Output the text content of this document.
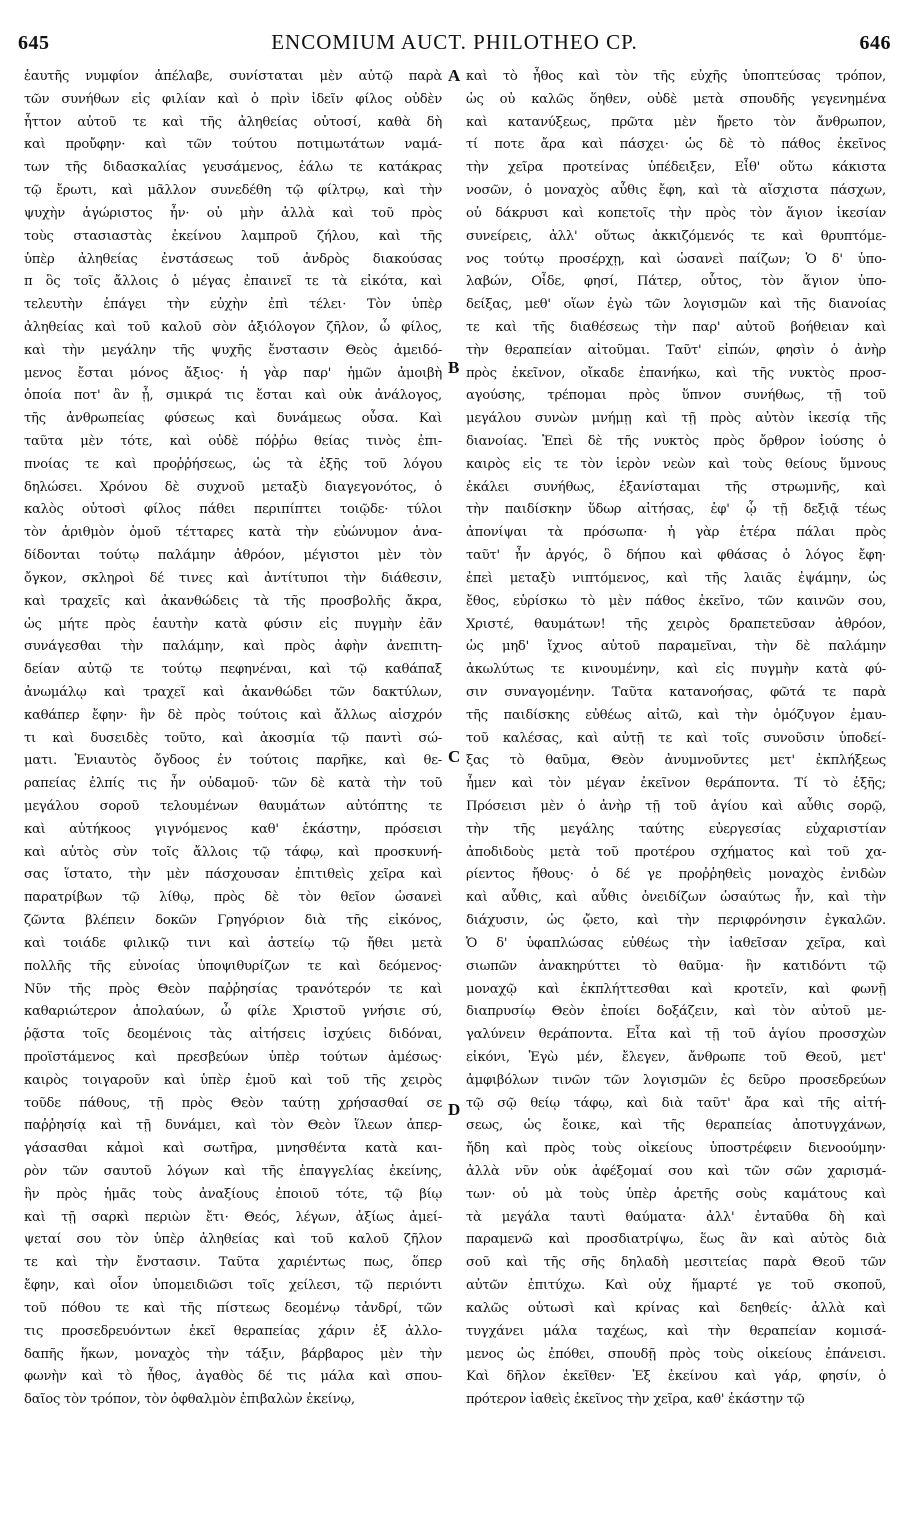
645	ENCOMIUM AUCT. PHILOTHEO CP.	646
ἑαυτῆς νυμφίον ἀπέλαβε, συνίσταται μὲν αὐτῷ παρὰ
τῶν συνήθων εἰς φιλίαν καὶ ὁ πρὶν ἰδεῖν φίλος οὐδὲν
ἧττον αὐτοῦ τε καὶ τῆς ἀληθείας οὑτοσί, καθὰ δὴ
καὶ προὔφην· καὶ τῶν τούτου ποτιμωτάτων ναμά-
των τῆς διδασκαλίας γευσάμενος, ἑάλω τε κατάκρας
τῷ ἔρωτι, καὶ μᾶλλον συνεδέθη τῷ φίλτρῳ, καὶ τὴν
ψυχὴν ἀγώριστος ἦν· οὐ μὴν ἀλλὰ καὶ τοῦ πρὸς
τοὺς στασιαστὰς ἐκείνου λαμπροῦ ζήλου, καὶ τῆς
ὑπὲρ ἀληθείας ἐνστάσεως τοῦ ἀνδρὸς διακούσας
π ὃς τοῖς ἄλλοις ὁ μέγας ἐπαινεῖ τε τὰ εἰκότα, καὶ
τελευτὴν ἐπάγει τὴν εὐχὴν ἐπὶ τέλει· Τὸν ὑπὲρ
ἀληθείας καὶ τοῦ καλοῦ σὸν ἀξιόλογον ζῆλον, ὦ φίλος,
καὶ τὴν μεγάλην τῆς ψυχῆς ἔνστασιν Θεὸς ἀμειδό-
μενος ἔσται μόνος ἄξιος· ἡ γὰρ παρ' ἡμῶν ἀμοιβὴ
ὁποία ποτ' ἂν ᾖ, σμικρά τις ἔσται καὶ οὐκ ἀνάλογος,
τῆς ἀνθρωπείας φύσεως καὶ δυνάμεως οὖσα. Καὶ
ταῦτα μὲν τότε, καὶ οὐδὲ πόῤῥω θείας τινὸς ἐπι-
πνοίας τε καὶ προῤῥήσεως, ὡς τὰ ἑξῆς τοῦ λόγου
δηλώσει. Χρόνου δὲ συχνοῦ μεταξὺ διαγεγονότος, ὁ
καλὸς οὑτοσὶ φίλος πάθει περιπίπτει τοιῷδε· τύλοι
τὸν ἀριθμὸν ὁμοῦ τέτταρες κατὰ τὴν εὐώνυμον ἀνα-
δίδονται τούτῳ παλάμην ἀθρόον, μέγιστοι μὲν τὸν
ὄγκον, σκληροὶ δέ τινες καὶ ἀντίτυποι τὴν διάθεσιν,
καὶ τραχεῖς καὶ ἀκανθώδεις τὰ τῆς προσβολῆς ἄκρα,
ὡς μήτε πρὸς ἑαυτὴν κατὰ φύσιν εἰς πυγμὴν ἐᾶν
συνάγεσθαι τὴν παλάμην, καὶ πρὸς ἀφὴν ἀνεπιτη-
δείαν αὐτῷ τε τούτῳ πεφηνέναι, καὶ τῷ καθάπαξ
ἀνωμάλῳ καὶ τραχεῖ καὶ ἀκανθώδει τῶν δακτύλων,
καθάπερ ἔφην· ἣν δὲ πρὸς τούτοις καὶ ἄλλως αἰσχρόν
τι καὶ δυσειδὲς τοῦτο, καὶ ἀκοσμία τῷ παντὶ σώ-
ματι. Ἐνιαυτὸς ὄγδοος ἐν τούτοις παρῆκε, καὶ θε-
ραπείας ἐλπίς τις ἦν οὐδαμοῦ· τῶν δὲ κατὰ τὴν τοῦ
μεγάλου σοροῦ τελουμένων θαυμάτων αὐτόπτης τε
καὶ αὐτήκοος γιγνόμενος καθ' ἑκάστην, πρόσεισι
καὶ αὐτὸς σὺν τοῖς ἄλλοις τῷ τάφῳ, καὶ προσκυνή-
σας ἵστατο, τὴν μὲν πάσχουσαν ἐπιτιθεὶς χεῖρα καὶ
παρατρίβων τῷ λίθῳ, πρὸς δὲ τὸν θεῖον ὡσανεὶ
ζῶντα βλέπειν δοκῶν Γρηγόριον διὰ τῆς εἰκόνος,
καὶ τοιάδε φιλικῷ τινι καὶ ἀστείῳ τῷ ἤθει μετὰ
πολλῆς τῆς εὐνοίας ὑποψιθυρίζων τε καὶ δεόμενος·
Νῦν τῆς πρὸς Θεὸν παῤῥησίας τρανότερόν τε καὶ
καθαριώτερον ἀπολαύων, ὦ φίλε Χριστοῦ γνήσιε σύ,
ῥᾷστα τοῖς δεομένοις τὰς αἰτήσεις ἰσχύεις διδόναι,
προϊστάμενος καὶ πρεσβεύων ὑπὲρ τούτων ἀμέσως·
καιρὸς τοιγαροῦν καὶ ὑπὲρ ἐμοῦ καὶ τοῦ τῆς χειρὸς
τοῦδε πάθους, τῇ πρὸς Θεὸν ταύτῃ χρήσασθαί σε
παῤῥησίᾳ καὶ τῇ δυνάμει, καὶ τὸν Θεὸν ἵλεων ἀπερ-
γάσασθαι κἀμοὶ καὶ σωτῆρα, μνησθέντα κατὰ και-
ρὸν τῶν σαυτοῦ λόγων καὶ τῆς ἐπαγγελίας ἐκείνης,
ἣν πρὸς ἡμᾶς τοὺς ἀναξίους ἐποιοῦ τότε, τῷ βίῳ
καὶ τῇ σαρκὶ περιὼν ἔτι· Θεός, λέγων, ἀξίως ἀμεί-
ψεταί σου τὸν ὑπὲρ ἀληθείας καὶ τοῦ καλοῦ ζῆλον
τε καὶ τὴν ἔνστασιν. Ταῦτα χαριέντως πως, ὅπερ
ἔφην, καὶ οἷον ὑπομειδιῶσι τοῖς χείλεσι, τῷ περιόντι
τοῦ πόθου τε καὶ τῆς πίστεως δεομένῳ τἀνδρί, τῶν
τις προσεδρευόντων ἐκεῖ θεραπείας χάριν ἐξ ἀλλο-
δαπῆς ἥκων, μοναχὸς τὴν τάξιν, βάρβαρος μὲν τὴν
φωνὴν καὶ τὸ ἦθος, ἀγαθὸς δέ τις μάλα καὶ σπου-
δαῖος τὸν τρόπον, τὸν ὀφθαλμὸν ἐπιβαλὼν ἐκείνῳ,
καὶ τὸ ἦθος καὶ τὸν τῆς εὐχῆς ὑποπτεύσας τρόπον,
ὡς οὐ καλῶς ὅηθεν, οὐδὲ μετὰ σπουδῆς γεγενημένα
καὶ κατανύξεως, πρῶτα μὲν ἤρετο τὸν ἄνθρωπον,
τί ποτε ἄρα καὶ πάσχει· ὡς δὲ τὸ πάθος ἐκεῖνος
τὴν χεῖρα προτείνας ὑπέδειξεν, Εἶθ' οὕτω κάκιστα
νοσῶν, ὁ μοναχὸς αὖθις ἔφη, καὶ τὰ αἴσχιστα πάσχων,
οὐ δάκρυσι καὶ κοπετοῖς τὴν πρὸς τὸν ἅγιον ἱκεσίαν
συνείρεις, ἀλλ' οὕτως ἀκκιζόμενός τε καὶ θρυπτόμε-
νος τούτῳ προσέρχῃ, καὶ ὡσανεὶ παίζων; Ὁ δ' ὑπο-
λαβών, Οἶδε, φησί, Πάτερ, οὗτος, τὸν ἅγιον ὑπο-
δείξας, μεθ' οἵων ἐγὼ τῶν λογισμῶν καὶ τῆς διανοίας
τε καὶ τῆς διαθέσεως τὴν παρ' αὐτοῦ βοήθειαν καὶ
τὴν θεραπείαν αἰτοῦμαι. Ταῦτ' εἰπών, φησὶν ὁ ἀνὴρ
πρὸς ἐκεῖνον, οἴκαδε ἐπανήκω, καὶ τῆς νυκτὸς προσ-
αγούσης, τρέπομαι πρὸς ὕπνον συνήθως, τῇ τοῦ
μεγάλου συνὼν μνήμῃ καὶ τῇ πρὸς αὐτὸν ἱκεσίᾳ τῆς
διανοίας. Ἐπεὶ δὲ τῆς νυκτὸς πρὸς ὄρθρον ἰούσης ὁ
καιρὸς εἰς τε τὸν ἱερὸν νεὼν καὶ τοὺς θείους ὕμνους
ἐκάλει συνήθως, ἐξανίσταμαι τῆς στρωμνῆς, καὶ
τὴν παιδίσκην ὕδωρ αἰτήσας, ἐφ' ᾧ τῇ δεξιᾷ τέως
ἀπονίψαι τὰ πρόσωπα· ἡ γὰρ ἑτέρα πάλαι πρὸς
ταῦτ' ἦν ἀργός, ὃ δήπου καὶ φθάσας ὁ λόγος ἔφη·
ἐπεὶ μεταξὺ νιπτόμενος, καὶ τῆς λαιᾶς ἐψάμην, ὡς
ἔθος, εὑρίσκω τὸ μὲν πάθος ἐκεῖνο, τῶν καινῶν σου,
Χριστέ, θαυμάτων! τῆς χειρὸς δραπετεῦσαν ἀθρόον,
ὡς μηδ' ἴχνος αὐτοῦ παραμεῖναι, τὴν δὲ παλάμην
ἀκωλύτως τε κινουμένην, καὶ εἰς πυγμὴν κατὰ φύ-
σιν συναγομένην. Ταῦτα κατανοήσας, φῶτά τε παρὰ
τῆς παιδίσκης εὐθέως αἰτῶ, καὶ τὴν ὁμόζυγον ἐμαυ-
τοῦ καλέσας, καὶ αὐτῇ τε καὶ τοῖς συνοῦσιν ὑποδεί-
ξας τὸ θαῦμα, Θεὸν ἀνυμνοῦντες μετ' ἐκπλήξεως
ἦμεν καὶ τὸν μέγαν ἐκεῖνον θεράποντα. Τί τὸ ἑξῆς;
Πρόσεισι μὲν ὁ ἀνὴρ τῇ τοῦ ἁγίου καὶ αὖθις σορῷ,
τὴν τῆς μεγάλης ταύτης εὐεργεσίας εὐχαριστίαν
ἀποδιδοὺς μετὰ τοῦ προτέρου σχήματος καὶ τοῦ χα-
ρίεντος ἤθους· ὁ δέ γε προῤῥηθεὶς μοναχὸς ἐνιδὼν
καὶ αὖθις, καὶ αὖθις ὀνειδίζων ὡσαύτως ἦν, καὶ τὴν
διάχυσιν, ὡς ᾤετο, καὶ τὴν περιφρόνησιν ἐγκαλῶν.
Ὁ δ' ὑφαπλώσας εὐθέως τὴν ἰαθεῖσαν χεῖρα, καὶ
σιωπῶν ἀνακηρύττει τὸ θαῦμα· ἣν κατιδόντι τῷ
μοναχῷ καὶ ἐκπλήττεσθαι καὶ κροτεῖν, καὶ φωνῇ
διαπρυσίῳ Θεὸν ἐποίει δοξάζειν, καὶ τὸν αὐτοῦ με-
γαλύνειν θεράποντα. Εἶτα καὶ τῇ τοῦ ἁγίου προσσχὼν
εἰκόνι, Ἐγὼ μέν, ἔλεγεν, ἄνθρωπε τοῦ Θεοῦ, μετ'
ἀμφιβόλων τινῶν τῶν λογισμῶν ἐς δεῦρο προσεδρεύων
τῷ σῷ θείῳ τάφῳ, καὶ διὰ ταῦτ' ἄρα καὶ τῆς αἰτή-
σεως, ὡς ἔοικε, καὶ τῆς θεραπείας ἀποτυγχάνων,
ἤδη καὶ πρὸς τοὺς οἰκείους ὑποστρέφειν διενοούμην·
ἀλλὰ νῦν οὐκ ἀφέξομαί σου καὶ τῶν σῶν χαρισμά-
των· οὐ μὰ τοὺς ὑπὲρ ἀρετῆς σοὺς καμάτους καὶ
τὰ μεγάλα ταυτὶ θαύματα· ἀλλ' ἐνταῦθα δὴ καὶ
παραμενῶ καὶ προσδιατρίψω, ἕως ἂν καὶ αὐτὸς διὰ
σοῦ καὶ τῆς σῆς δηλαδὴ μεσιτείας παρὰ Θεοῦ τῶν
αὐτῶν ἐπιτύχω. Καὶ οὐχ ἥμαρτέ γε τοῦ σκοποῦ,
καλῶς οὑτωσὶ καὶ κρίνας καὶ δεηθείς· ἀλλὰ καὶ
τυγχάνει μάλα ταχέως, καὶ τὴν θεραπείαν κομισά-
μενος ὡς ἐπόθει, σπουδῇ πρὸς τοὺς οἰκείους ἐπάνεισι.
Καὶ δῆλον ἐκεῖθεν· Ἐξ ἐκείνου καὶ γάρ, φησίν, ὁ
πρότερον ἰαθεὶς ἐκεῖνος τὴν χεῖρα, καθ' ἑκάστην τῷ
A
B
C
D
